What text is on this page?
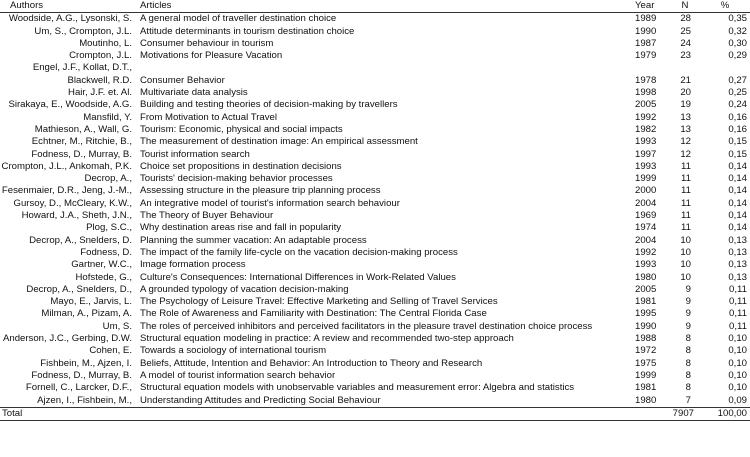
Authors	Articles	Year	N	%

Woodside, A.G., Lysonski, S.	A general model of traveller destination choice	1989	28	0,35

Um, S., Crompton, J.L.	Attitude determinants in tourism destination choice	1990	25	0,32

Moutinho, L.	Consumer behaviour in tourism	1987	24	0,30

Crompton, J.L.	Motivations for Pleasure Vacation	1979	23	0,29

Engel, J.F., Kollat, D.T.,
Blackwell, R.D.	Consumer Behavior	1978	21	0,27

Hair, J.F. et. Al.	Multivariate data analysis	1998	20	0,25

Sirakaya, E., Woodside, A.G.	Building and testing theories of decision-making by travellers	2005	19	0,24

Mansfild, Y.	From Motivation to Actual Travel	1992	13	0,16

Mathieson, A., Wall, G.	Tourism: Economic, physical and social impacts	1982	13	0,16

Echtner, M., Ritchie, B.,	The measurement of destination image: An empirical assessment	1993	12	0,15

Fodness, D., Murray, B.	Tourist information search	1997	12	0,15

Crompton, J.L., Ankomah, P.K.	Choice set propositions in destination decisions	1993	11	0,14

Decrop, A.,	Tourists' decision-making behavior processes	1999	11	0,14

Fesenmaier, D.R., Jeng, J.-M.,	Assessing structure in the pleasure trip planning process	2000	11	0,14

Gursoy, D., McCleary, K.W.,	An integrative model of tourist's information search behaviour	2004	11	0,14

Howard, J.A., Sheth, J.N.,	The Theory of Buyer Behaviour	1969	11	0,14

Plog, S.C.,	Why destination areas rise and fall in popularity	1974	11	0,14

Decrop, A., Snelders, D.	Planning the summer vacation: An adaptable process	2004	10	0,13

Fodness, D.	The impact of the family life-cycle on the vacation decision-making process	1992	10	0,13

Gartner, W.C.,	Image formation process	1993	10	0,13

Hofstede, G.,	Culture's Consequences: International Differences in Work-Related Values	1980	10	0,13

Decrop, A., Snelders, D.,	A grounded typology of vacation decision-making	2005	9	0,11

Mayo, E., Jarvis, L.	The Psychology of Leisure Travel: Effective Marketing and Selling of Travel Services	1981	9	0,11

Milman, A., Pizam, A.	The Role of Awareness and Familiarity with Destination: The Central Florida Case	1995	9	0,11

Um, S.	The roles of perceived inhibitors and perceived facilitators in the pleasure travel destination choice process	1990	9	0,11

Anderson, J.C., Gerbing, D.W.	Structural equation modeling in practice: A review and recommended two-step approach	1988	8	0,10

Cohen, E.	Towards a sociology of international tourism	1972	8	0,10

Fishbein, M., Ajzen, I.	Beliefs, Attitude, Intention and Behavior: An Introduction to Theory and Research	1975	8	0,10

Fodness, D., Murray, B.	A model of tourist information search behavior	1999	8	0,10

Fornell, C., Larcker, D.F.,	Structural equation models with unobservable variables and measurement error: Algebra and statistics	1981	8	0,10

Ajzen, I., Fishbein, M.,	Understanding Attitudes and Predicting Social Behaviour	1980	7	0,09
Total			7907	100,00
